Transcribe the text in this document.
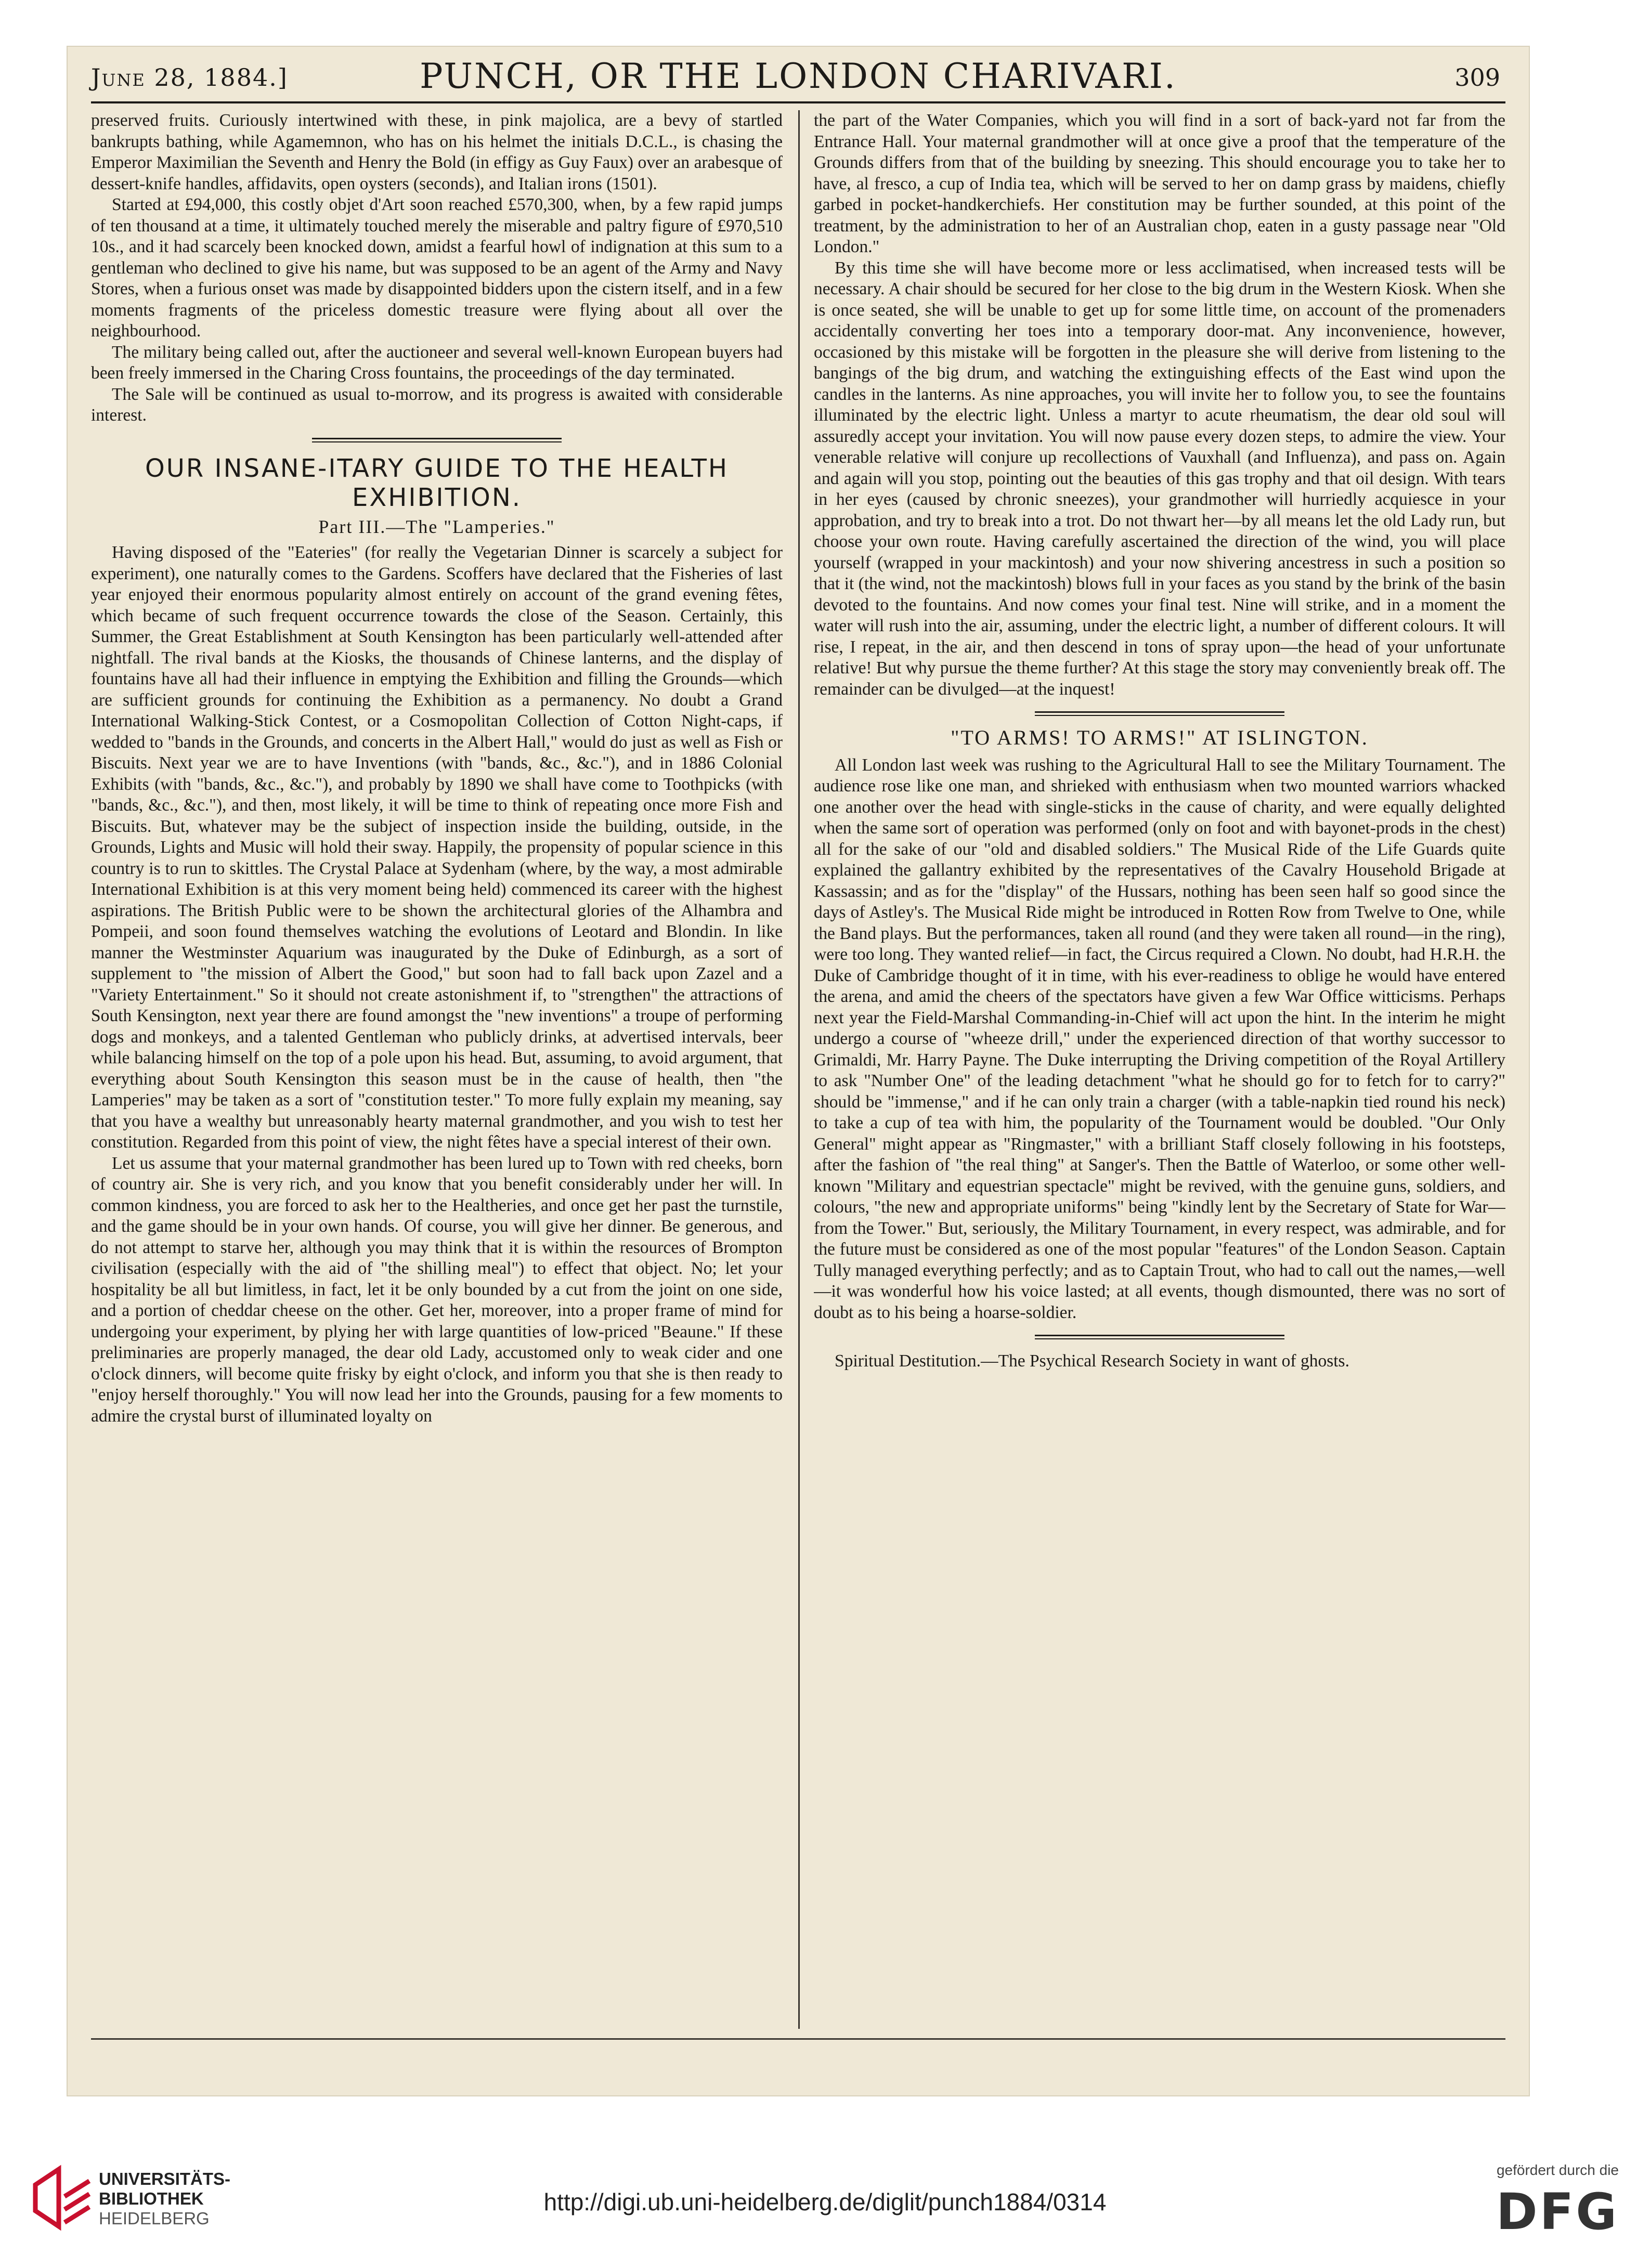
June 28, 1884.]	PUNCH, OR THE LONDON CHARIVARI.	309

preserved fruits. Curiously intertwined with these, in pink majolica, are a bevy of startled bankrupts bathing, while Agamemnon, who has on his helmet the initials D.C.L., is chasing the Emperor Maximilian the Seventh and Henry the Bold (in effigy as Guy Faux) over an arabesque of dessert-knife handles, affidavits, open oysters (seconds), and Italian irons (1501).

Started at £94,000, this costly objet d'Art soon reached £570,300, when, by a few rapid jumps of ten thousand at a time, it ultimately touched merely the miserable and paltry figure of £970,510 10s., and it had scarcely been knocked down, amidst a fearful howl of indignation at this sum to a gentleman who declined to give his name, but was supposed to be an agent of the Army and Navy Stores, when a furious onset was made by disappointed bidders upon the cistern itself, and in a few moments fragments of the priceless domestic treasure were flying about all over the neighbourhood.

The military being called out, after the auctioneer and several well-known European buyers had been freely immersed in the Charing Cross fountains, the proceedings of the day terminated.

The Sale will be continued as usual to-morrow, and its progress is awaited with considerable interest.

OUR INSANE-ITARY GUIDE TO THE HEALTH EXHIBITION.
Part III.—The "Lamperies."

Having disposed of the "Eateries" (for really the Vegetarian Dinner is scarcely a subject for experiment), one naturally comes to the Gardens. Scoffers have declared that the Fisheries of last year enjoyed their enormous popularity almost entirely on account of the grand evening fêtes, which became of such frequent occurrence towards the close of the Season. Certainly, this Summer, the Great Establishment at South Kensington has been particularly well-attended after nightfall. The rival bands at the Kiosks, the thousands of Chinese lanterns, and the display of fountains have all had their influence in emptying the Exhibition and filling the Grounds—which are sufficient grounds for continuing the Exhibition as a permanency. No doubt a Grand International Walking-Stick Contest, or a Cosmopolitan Collection of Cotton Night-caps, if wedded to "bands in the Grounds, and concerts in the Albert Hall," would do just as well as Fish or Biscuits. Next year we are to have Inventions (with "bands, &c., &c."), and in 1886 Colonial Exhibits (with "bands, &c., &c."), and probably by 1890 we shall have come to Toothpicks (with "bands, &c., &c."), and then, most likely, it will be time to think of repeating once more Fish and Biscuits. But, whatever may be the subject of inspection inside the building, outside, in the Grounds, Lights and Music will hold their sway. Happily, the propensity of popular science in this country is to run to skittles. The Crystal Palace at Sydenham (where, by the way, a most admirable International Exhibition is at this very moment being held) commenced its career with the highest aspirations. The British Public were to be shown the architectural glories of the Alhambra and Pompeii, and soon found themselves watching the evolutions of Leotard and Blondin. In like manner the Westminster Aquarium was inaugurated by the Duke of Edinburgh, as a sort of supplement to "the mission of Albert the Good," but soon had to fall back upon Zazel and a "Variety Entertainment." So it should not create astonishment if, to "strengthen" the attractions of South Kensington, next year there are found amongst the "new inventions" a troupe of performing dogs and monkeys, and a talented Gentleman who publicly drinks, at advertised intervals, beer while balancing himself on the top of a pole upon his head. But, assuming, to avoid argument, that everything about South Kensington this season must be in the cause of health, then "the Lamperies" may be taken as a sort of "constitution tester." To more fully explain my meaning, say that you have a wealthy but unreasonably hearty maternal grandmother, and you wish to test her constitution. Regarded from this point of view, the night fêtes have a special interest of their own.

Let us assume that your maternal grandmother has been lured up to Town with red cheeks, born of country air. She is very rich, and you know that you benefit considerably under her will. In common kindness, you are forced to ask her to the Healtheries, and once get her past the turnstile, and the game should be in your own hands. Of course, you will give her dinner. Be generous, and do not attempt to starve her, although you may think that it is within the resources of Brompton civilisation (especially with the aid of "the shilling meal") to effect that object. No; let your hospitality be all but limitless, in fact, let it be only bounded by a cut from the joint on one side, and a portion of cheddar cheese on the other. Get her, moreover, into a proper frame of mind for undergoing your experiment, by plying her with large quantities of low-priced "Beaune." If these preliminaries are properly managed, the dear old Lady, accustomed only to weak cider and one o'clock dinners, will become quite frisky by eight o'clock, and inform you that she is then ready to "enjoy herself thoroughly." You will now lead her into the Grounds, pausing for a few moments to admire the crystal burst of illuminated loyalty on

the part of the Water Companies, which you will find in a sort of back-yard not far from the Entrance Hall. Your maternal grandmother will at once give a proof that the temperature of the Grounds differs from that of the building by sneezing. This should encourage you to take her to have, al fresco, a cup of India tea, which will be served to her on damp grass by maidens, chiefly garbed in pocket-handkerchiefs. Her constitution may be further sounded, at this point of the treatment, by the administration to her of an Australian chop, eaten in a gusty passage near "Old London."

By this time she will have become more or less acclimatised, when increased tests will be necessary. A chair should be secured for her close to the big drum in the Western Kiosk. When she is once seated, she will be unable to get up for some little time, on account of the promenaders accidentally converting her toes into a temporary door-mat. Any inconvenience, however, occasioned by this mistake will be forgotten in the pleasure she will derive from listening to the bangings of the big drum, and watching the extinguishing effects of the East wind upon the candles in the lanterns. As nine approaches, you will invite her to follow you, to see the fountains illuminated by the electric light. Unless a martyr to acute rheumatism, the dear old soul will assuredly accept your invitation. You will now pause every dozen steps, to admire the view. Your venerable relative will conjure up recollections of Vauxhall (and Influenza), and pass on. Again and again will you stop, pointing out the beauties of this gas trophy and that oil design. With tears in her eyes (caused by chronic sneezes), your grandmother will hurriedly acquiesce in your approbation, and try to break into a trot. Do not thwart her—by all means let the old Lady run, but choose your own route. Having carefully ascertained the direction of the wind, you will place yourself (wrapped in your mackintosh) and your now shivering ancestress in such a position so that it (the wind, not the mackintosh) blows full in your faces as you stand by the brink of the basin devoted to the fountains. And now comes your final test. Nine will strike, and in a moment the water will rush into the air, assuming, under the electric light, a number of different colours. It will rise, I repeat, in the air, and then descend in tons of spray upon—the head of your unfortunate relative! But why pursue the theme further? At this stage the story may conveniently break off. The remainder can be divulged—at the inquest!

"TO ARMS! TO ARMS!" AT ISLINGTON.

All London last week was rushing to the Agricultural Hall to see the Military Tournament. The audience rose like one man, and shrieked with enthusiasm when two mounted warriors whacked one another over the head with single-sticks in the cause of charity, and were equally delighted when the same sort of operation was performed (only on foot and with bayonet-prods in the chest) all for the sake of our "old and disabled soldiers." The Musical Ride of the Life Guards quite explained the gallantry exhibited by the representatives of the Cavalry Household Brigade at Kassassin; and as for the "display" of the Hussars, nothing has been seen half so good since the days of Astley's. The Musical Ride might be introduced in Rotten Row from Twelve to One, while the Band plays. But the performances, taken all round (and they were taken all round—in the ring), were too long. They wanted relief—in fact, the Circus required a Clown. No doubt, had H.R.H. the Duke of Cambridge thought of it in time, with his ever-readiness to oblige he would have entered the arena, and amid the cheers of the spectators have given a few War Office witticisms. Perhaps next year the Field-Marshal Commanding-in-Chief will act upon the hint. In the interim he might undergo a course of "wheeze drill," under the experienced direction of that worthy successor to Grimaldi, Mr. Harry Payne. The Duke interrupting the Driving competition of the Royal Artillery to ask "Number One" of the leading detachment "what he should go for to fetch for to carry?" should be "immense," and if he can only train a charger (with a table-napkin tied round his neck) to take a cup of tea with him, the popularity of the Tournament would be doubled. "Our Only General" might appear as "Ringmaster," with a brilliant Staff closely following in his footsteps, after the fashion of "the real thing" at Sanger's. Then the Battle of Waterloo, or some other well-known "Military and equestrian spectacle" might be revived, with the genuine guns, soldiers, and colours, "the new and appropriate uniforms" being "kindly lent by the Secretary of State for War—from the Tower." But, seriously, the Military Tournament, in every respect, was admirable, and for the future must be considered as one of the most popular "features" of the London Season. Captain Tully managed everything perfectly; and as to Captain Trout, who had to call out the names,—well—it was wonderful how his voice lasted; at all events, though dismounted, there was no sort of doubt as to his being a hoarse-soldier.

Spiritual Destitution.—The Psychical Research Society in want of ghosts.

UNIVERSITÄTS-
BIBLIOTHEK
HEIDELBERG
http://digi.ub.uni-heidelberg.de/diglit/punch1884/0314
gefördert durch die
DFG
